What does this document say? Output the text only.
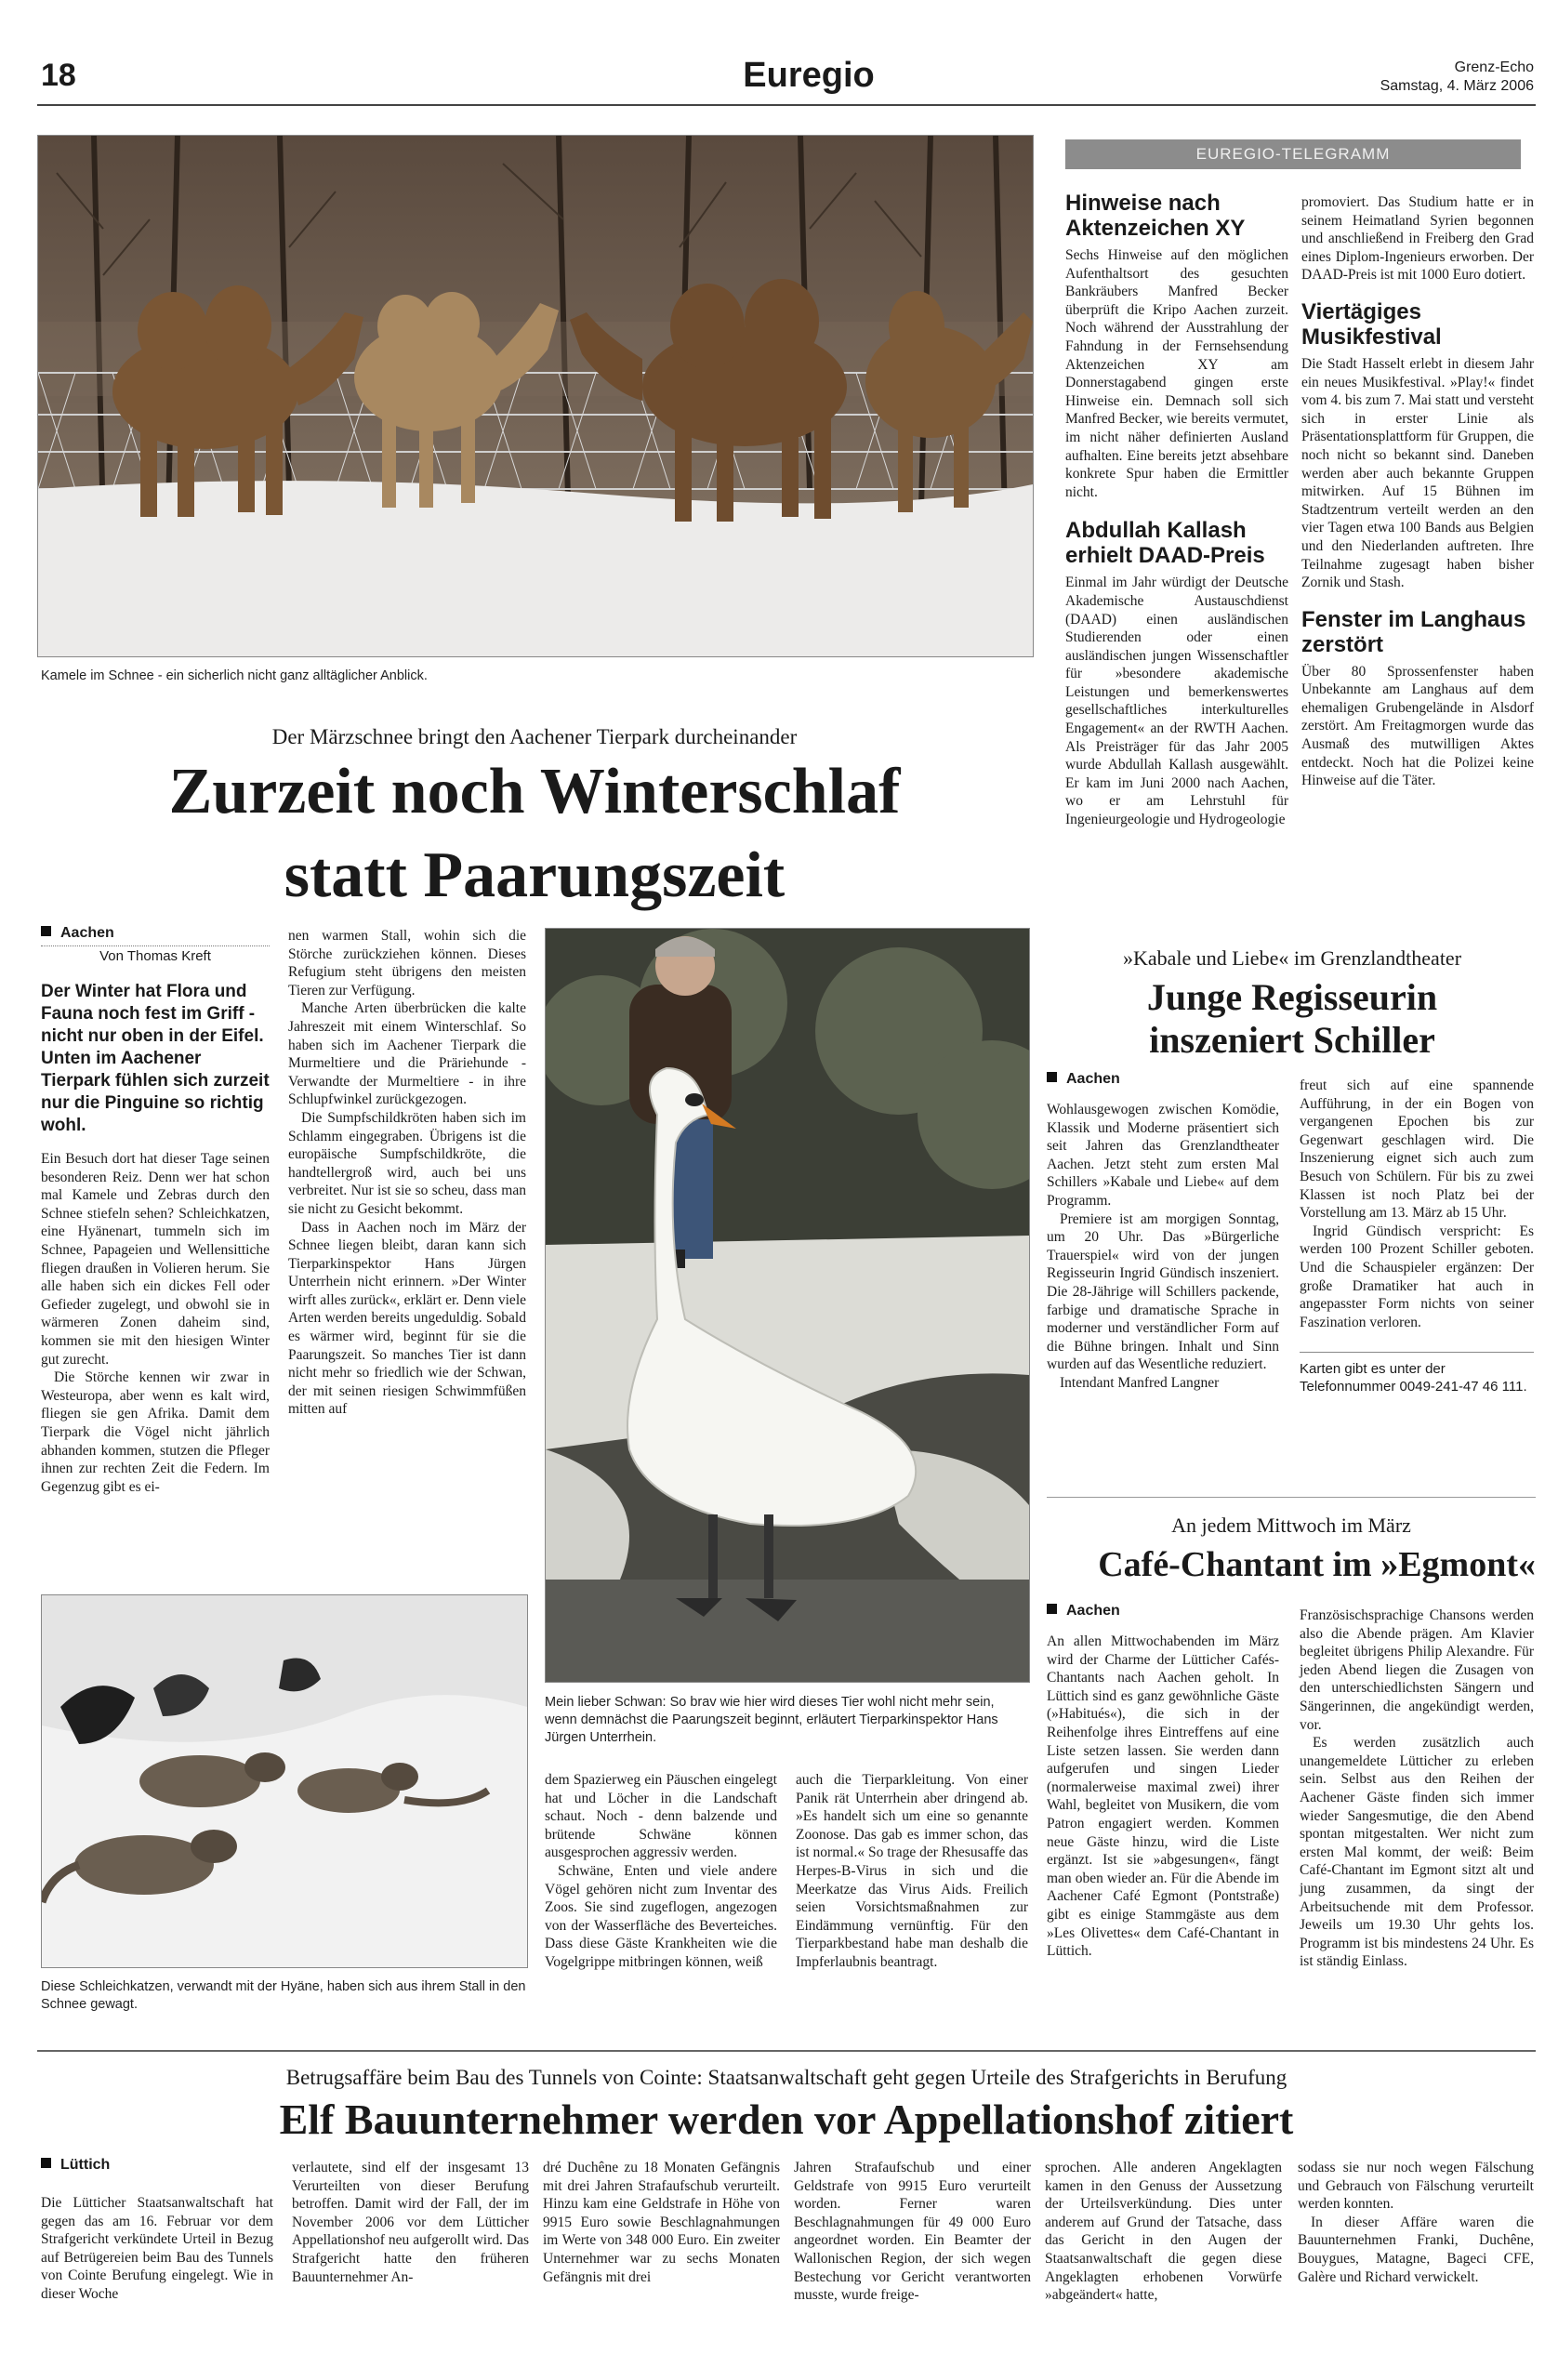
18	Euregio	Grenz-Echo
Samstag, 4. März 2006
Kamele im Schnee - ein sicherlich nicht ganz alltäglicher Anblick.
Der Märzschnee bringt den Aachener Tierpark durcheinander
Zurzeit noch Winterschlaf
statt Paarungszeit
Aachen
Von Thomas Kreft
Der Winter hat Flora und Fauna noch fest im Griff - nicht nur oben in der Eifel. Unten im Aachener Tierpark fühlen sich zurzeit nur die Pinguine so richtig wohl.

Ein Besuch dort hat dieser Tage seinen besonderen Reiz. Denn wer hat schon mal Kamele und Zebras durch den Schnee stiefeln sehen? Schleichkatzen, eine Hyänenart, tummeln sich im Schnee, Papageien und Wellensittiche fliegen draußen in Volieren herum. Sie alle haben sich ein dickes Fell oder Gefieder zugelegt, und obwohl sie in wärmeren Zonen daheim sind, kommen sie mit den hiesigen Winter gut zurecht.

Die Störche kennen wir zwar in Westeuropa, aber wenn es kalt wird, fliegen sie gen Afrika. Damit dem Tierpark die Vögel nicht jährlich abhanden kommen, stutzen die Pfleger ihnen zur rechten Zeit die Federn. Im Gegenzug gibt es ei-

nen warmen Stall, wohin sich die Störche zurückziehen können. Dieses Refugium steht übrigens den meisten Tieren zur Verfügung.

Manche Arten überbrücken die kalte Jahreszeit mit einem Winterschlaf. So haben sich im Aachener Tierpark die Murmeltiere und die Präriehunde - Verwandte der Murmeltiere - in ihre Schlupfwinkel zurückgezogen.

Die Sumpfschildkröten haben sich im Schlamm eingegraben. Übrigens ist die europäische Sumpfschildkröte, die handtellergroß wird, auch bei uns verbreitet. Nur ist sie so scheu, dass man sie nicht zu Gesicht bekommt.

Dass in Aachen noch im März der Schnee liegen bleibt, daran kann sich Tierparkinspektor Hans Jürgen Unterrhein nicht erinnern. »Der Winter wirft alles zurück«, erklärt er. Denn viele Arten werden bereits ungeduldig. Sobald es wärmer wird, beginnt für sie die Paarungszeit. So manches Tier ist dann nicht mehr so friedlich wie der Schwan, der mit seinen riesigen Schwimmfüßen mitten auf

Mein lieber Schwan: So brav wie hier wird dieses Tier wohl nicht mehr sein, wenn demnächst die Paarungszeit beginnt, erläutert Tierparkinspektor Hans Jürgen Unterrhein.
Diese Schleichkatzen, verwandt mit der Hyäne, haben sich aus ihrem Stall in den Schnee gewagt.

dem Spazierweg ein Päuschen eingelegt hat und Löcher in die Landschaft schaut. Noch - denn balzende und brütende Schwäne können ausgesprochen aggressiv werden.

Schwäne, Enten und viele andere Vögel gehören nicht zum Inventar des Zoos. Sie sind zugeflogen, angezogen von der Wasserfläche des Beverteiches. Dass diese Gäste Krankheiten wie die Vogelgrippe mitbringen können, weiß

auch die Tierparkleitung. Von einer Panik rät Unterrhein aber dringend ab. »Es handelt sich um eine so genannte Zoonose. Das gab es immer schon, das ist normal.« So trage der Rhesusaffe das Herpes-B-Virus in sich und die Meerkatze das Virus Aids. Freilich seien Vorsichtsmaßnahmen zur Eindämmung vernünftig. Für den Tierparkbestand habe man deshalb die Impferlaubnis beantragt.

EUREGIO-TELEGRAMM
Hinweise nach Aktenzeichen XY

Sechs Hinweise auf den möglichen Aufenthaltsort des gesuchten Bankräubers Manfred Becker überprüft die Kripo Aachen zurzeit. Noch während der Ausstrahlung der Fahndung in der Fernsehsendung Aktenzeichen XY am Donnerstagabend gingen erste Hinweise ein. Demnach soll sich Manfred Becker, wie bereits vermutet, im nicht näher definierten Ausland aufhalten. Eine bereits jetzt absehbare konkrete Spur haben die Ermittler nicht.

Abdullah Kallash erhielt DAAD-Preis

Einmal im Jahr würdigt der Deutsche Akademische Austauschdienst (DAAD) einen ausländischen Studierenden oder einen ausländischen jungen Wissenschaftler für »besondere akademische Leistungen und bemerkenswertes gesellschaftliches interkulturelles Engagement« an der RWTH Aachen. Als Preisträger für das Jahr 2005 wurde Abdullah Kallash ausgewählt. Er kam im Juni 2000 nach Aachen, wo er am Lehrstuhl für Ingenieurgeologie und Hydrogeologie

promoviert. Das Studium hatte er in seinem Heimatland Syrien begonnen und anschließend in Freiberg den Grad eines Diplom-Ingenieurs erworben. Der DAAD-Preis ist mit 1000 Euro dotiert.

Viertägiges Musikfestival

Die Stadt Hasselt erlebt in diesem Jahr ein neues Musikfestival. »Play!« findet vom 4. bis zum 7. Mai statt und versteht sich in erster Linie als Präsentationsplattform für Gruppen, die noch nicht so bekannt sind. Daneben werden aber auch bekannte Gruppen mitwirken. Auf 15 Bühnen im Stadtzentrum verteilt werden an den vier Tagen etwa 100 Bands aus Belgien und den Niederlanden auftreten. Ihre Teilnahme zugesagt haben bisher Zornik und Stash.

Fenster im Langhaus zerstört

Über 80 Sprossenfenster haben Unbekannte am Langhaus auf dem ehemaligen Grubengelände in Alsdorf zerstört. Am Freitagmorgen wurde das Ausmaß des mutwilligen Aktes entdeckt. Noch hat die Polizei keine Hinweise auf die Täter.

»Kabale und Liebe« im Grenzlandtheater
Junge Regisseurin
inszeniert Schiller
Aachen

Wohlausgewogen zwischen Komödie, Klassik und Moderne präsentiert sich seit Jahren das Grenzlandtheater Aachen. Jetzt steht zum ersten Mal Schillers »Kabale und Liebe« auf dem Programm.

Premiere ist am morgigen Sonntag, um 20 Uhr. Das »Bürgerliche Trauerspiel« wird von der jungen Regisseurin Ingrid Gündisch inszeniert. Die 28-Jährige will Schillers packende, farbige und dramatische Sprache in moderner und verständlicher Form auf die Bühne bringen. Inhalt und Sinn wurden auf das Wesentliche reduziert.

Intendant Manfred Langner

freut sich auf eine spannende Aufführung, in der ein Bogen von vergangenen Epochen bis zur Gegenwart geschlagen wird. Die Inszenierung eignet sich auch zum Besuch von Schülern. Für bis zu zwei Klassen ist noch Platz bei der Vorstellung am 13. März ab 15 Uhr.

Ingrid Gündisch verspricht: Es werden 100 Prozent Schiller geboten. Und die Schauspieler ergänzen: Der große Dramatiker hat auch in angepasster Form nichts von seiner Faszination verloren.

Karten gibt es unter der Telefonnummer 0049-241-47 46 111.
An jedem Mittwoch im März
Café-Chantant im »Egmont«
Aachen

An allen Mittwochabenden im März wird der Charme der Lütticher Cafés-Chantants nach Aachen geholt. In Lüttich sind es ganz gewöhnliche Gäste (»Habitués«), die sich in der Reihenfolge ihres Eintreffens auf eine Liste setzen lassen. Sie werden dann aufgerufen und singen Lieder (normalerweise maximal zwei) ihrer Wahl, begleitet von Musikern, die vom Patron engagiert werden. Kommen neue Gäste hinzu, wird die Liste ergänzt. Ist sie »abgesungen«, fängt man oben wieder an. Für die Abende im Aachener Café Egmont (Pontstraße) gibt es einige Stammgäste aus dem »Les Olivettes« dem Café-Chantant in Lüttich.

Französischsprachige Chansons werden also die Abende prägen. Am Klavier begleitet übrigens Philip Alexandre. Für jeden Abend liegen die Zusagen von den unterschiedlichsten Sängern und Sängerinnen, die angekündigt werden, vor.

Es werden zusätzlich auch unangemeldete Lütticher zu erleben sein. Selbst aus den Reihen der Aachener Gäste finden sich immer wieder Sangesmutige, die den Abend spontan mitgestalten. Wer nicht zum ersten Mal kommt, der weiß: Beim Café-Chantant im Egmont sitzt alt und jung zusammen, da singt der Arbeitsuchende mit dem Professor. Jeweils um 19.30 Uhr gehts los. Programm ist bis mindestens 24 Uhr. Es ist ständig Einlass.

Betrugsaffäre beim Bau des Tunnels von Cointe: Staatsanwaltschaft geht gegen Urteile des Strafgerichts in Berufung
Elf Bauunternehmer werden vor Appellationshof zitiert
Lüttich

Die Lütticher Staatsanwaltschaft hat gegen das am 16. Februar vor dem Strafgericht verkündete Urteil in Bezug auf Betrügereien beim Bau des Tunnels von Cointe Berufung eingelegt. Wie in dieser Woche

verlautete, sind elf der insgesamt 13 Verurteilten von dieser Berufung betroffen. Damit wird der Fall, der im November 2006 vor dem Lütticher Appellationshof neu aufgerollt wird. Das Strafgericht hatte den früheren Bauunternehmer An-

dré Duchêne zu 18 Monaten Gefängnis mit drei Jahren Strafaufschub verurteilt. Hinzu kam eine Geldstrafe in Höhe von 9915 Euro sowie Beschlagnahmungen im Werte von 348 000 Euro. Ein zweiter Unternehmer war zu sechs Monaten Gefängnis mit drei

Jahren Strafaufschub und einer Geldstrafe von 9915 Euro verurteilt worden. Ferner waren Beschlagnahmungen für 49 000 Euro angeordnet worden. Ein Beamter der Wallonischen Region, der sich wegen Bestechung vor Gericht verantworten musste, wurde freige-

sprochen. Alle anderen Angeklagten kamen in den Genuss der Aussetzung der Urteilsverkündung. Dies unter anderem auf Grund der Tatsache, dass das Gericht in den Augen der Staatsanwaltschaft die gegen diese Angeklagten erhobenen Vorwürfe »abgeändert« hatte,

sodass sie nur noch wegen Fälschung und Gebrauch von Fälschung verurteilt werden konnten.

In dieser Affäre waren die Bauunternehmen Franki, Duchêne, Bouygues, Matagne, Bageci CFE, Galère und Richard verwickelt.
